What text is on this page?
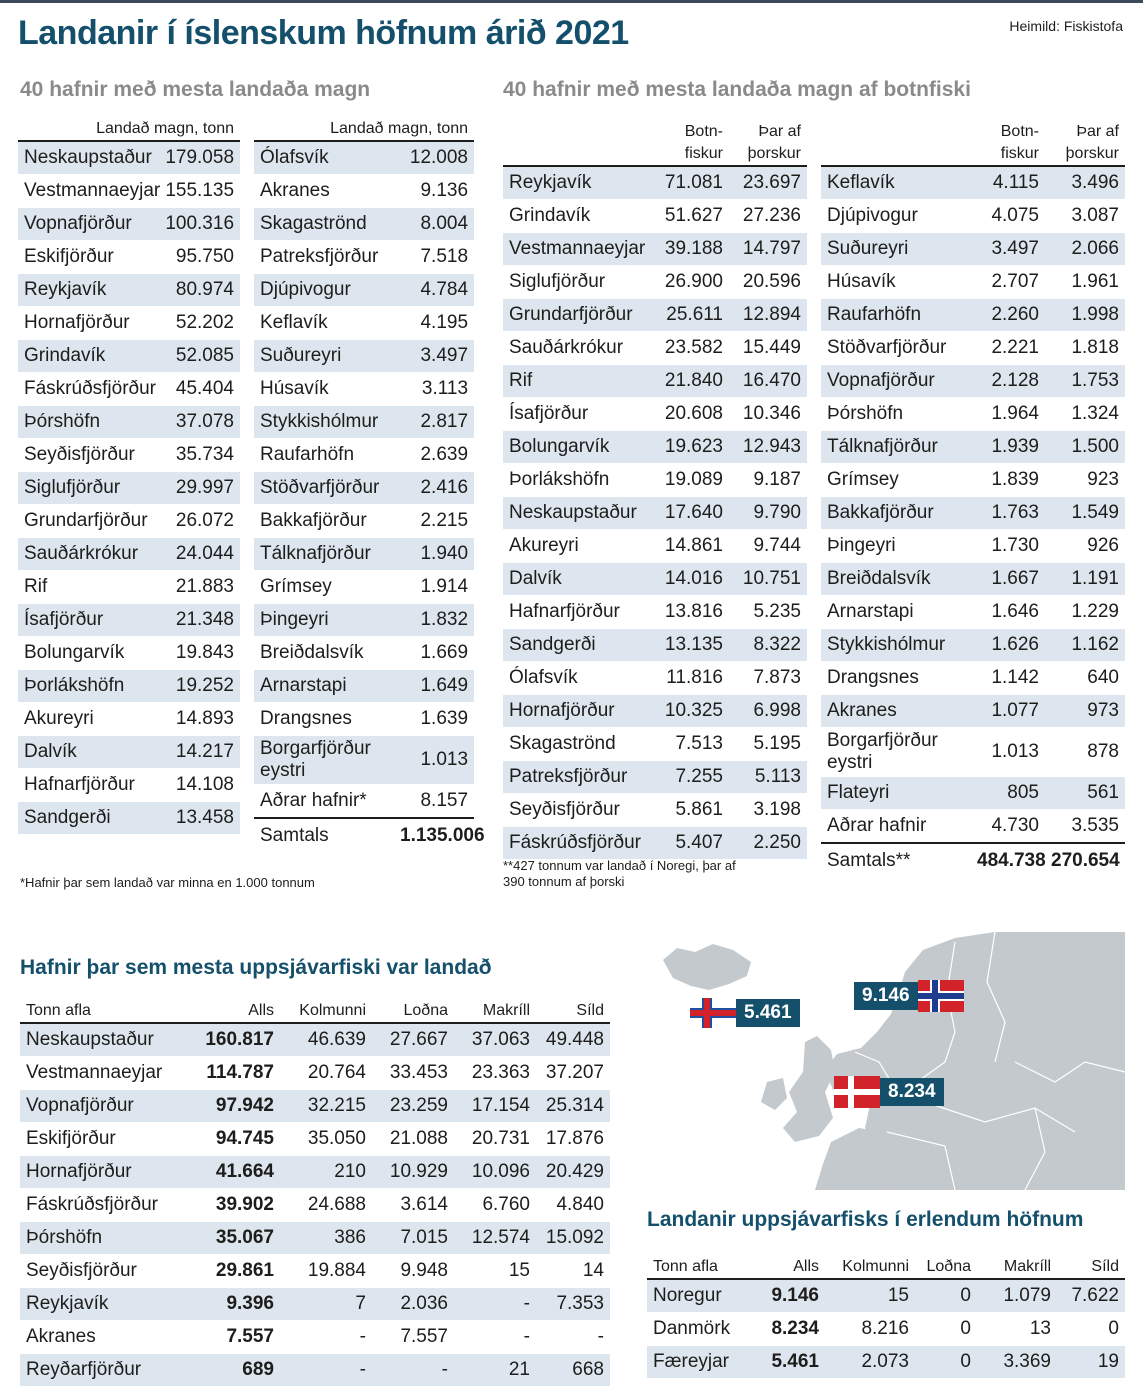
Landanir í íslenskum höfnum árið 2021	Heimild: Fiskistofa
40 hafnir með mesta landaða magn
Landað magn, tonn	
Neskaupstaður	179.058
Vestmannaeyjar	155.135
Vopnafjörður	100.316
Eskifjörður	95.750
Reykjavík	80.974
Hornafjörður	52.202
Grindavík	52.085
Fáskrúðsfjörður	45.404
Þórshöfn	37.078
Seyðisfjörður	35.734
Siglufjörður	29.997
Grundarfjörður	26.072
Sauðárkrókur	24.044
Rif	21.883
Ísafjörður	21.348
Bolungarvík	19.843
Þorlákshöfn	19.252
Akureyri	14.893
Dalvík	14.217
Hafnarfjörður	14.108
Sandgerði	13.458
Landað magn, tonn	
Ólafsvík	12.008
Akranes	9.136
Skagaströnd	8.004
Patreksfjörður	7.518
Djúpivogur	4.784
Keflavík	4.195
Suðureyri	3.497
Húsavík	3.113
Stykkishólmur	2.817
Raufarhöfn	2.639
Stöðvarfjörður	2.416
Bakkafjörður	2.215
Tálknafjörður	1.940
Grímsey	1.914
Þingeyri	1.832
Breiðdalsvík	1.669
Arnarstapi	1.649
Drangsnes	1.639
Borgarfjörður eystri	1.013
Aðrar hafnir*	8.157
Samtals	1.135.006
*Hafnir þar sem landað var minna en 1.000 tonnum
40 hafnir með mesta landaða magn af botnfiski
	Botn-fiskur	Þar af þorskur
Reykjavík	71.081	23.697
Grindavík	51.627	27.236
Vestmannaeyjar	39.188	14.797
Siglufjörður	26.900	20.596
Grundarfjörður	25.611	12.894
Sauðárkrókur	23.582	15.449
Rif	21.840	16.470
Ísafjörður	20.608	10.346
Bolungarvík	19.623	12.943
Þorlákshöfn	19.089	9.187
Neskaupstaður	17.640	9.790
Akureyri	14.861	9.744
Dalvík	14.016	10.751
Hafnarfjörður	13.816	5.235
Sandgerði	13.135	8.322
Ólafsvík	11.816	7.873
Hornafjörður	10.325	6.998
Skagaströnd	7.513	5.195
Patreksfjörður	7.255	5.113
Seyðisfjörður	5.861	3.198
Fáskrúðsfjörður	5.407	2.250
	Botn-fiskur	Þar af þorskur
Keflavík	4.115	3.496
Djúpivogur	4.075	3.087
Suðureyri	3.497	2.066
Húsavík	2.707	1.961
Raufarhöfn	2.260	1.998
Stöðvarfjörður	2.221	1.818
Vopnafjörður	2.128	1.753
Þórshöfn	1.964	1.324
Tálknafjörður	1.939	1.500
Grímsey	1.839	923
Bakkafjörður	1.763	1.549
Þingeyri	1.730	926
Breiðdalsvík	1.667	1.191
Arnarstapi	1.646	1.229
Stykkishólmur	1.626	1.162
Drangsnes	1.142	640
Akranes	1.077	973
Borgarfjörður eystri	1.013	878
Flateyri	805	561
Aðrar hafnir	4.730	3.535
Samtals**	484.738	270.654
**427 tonnum var landað í Noregi, þar af 390 tonnum af þorski
Hafnir þar sem mesta uppsjávarfiski var landað
Tonn afla	Alls	Kolmunni	Loðna	Makríll	Síld
Neskaupstaður	160.817	46.639	27.667	37.063	49.448
Vestmannaeyjar	114.787	20.764	33.453	23.363	37.207
Vopnafjörður	97.942	32.215	23.259	17.154	25.314
Eskifjörður	94.745	35.050	21.088	20.731	17.876
Hornafjörður	41.664	210	10.929	10.096	20.429
Fáskrúðsfjörður	39.902	24.688	3.614	6.760	4.840
Þórshöfn	35.067	386	7.015	12.574	15.092
Seyðisfjörður	29.861	19.884	9.948	15	14
Reykjavík	9.396	7	2.036	-	7.353
Akranes	7.557	-	7.557	-	-
Reyðarfjörður	689	-	-	21	668
5.461
9.146
8.234
Landanir uppsjávarfisks í erlendum höfnum
Tonn afla	Alls	Kolmunni	Loðna	Makríll	Síld
Noregur	9.146	15	0	1.079	7.622
Danmörk	8.234	8.216	0	13	0
Færeyjar	5.461	2.073	0	3.369	19
